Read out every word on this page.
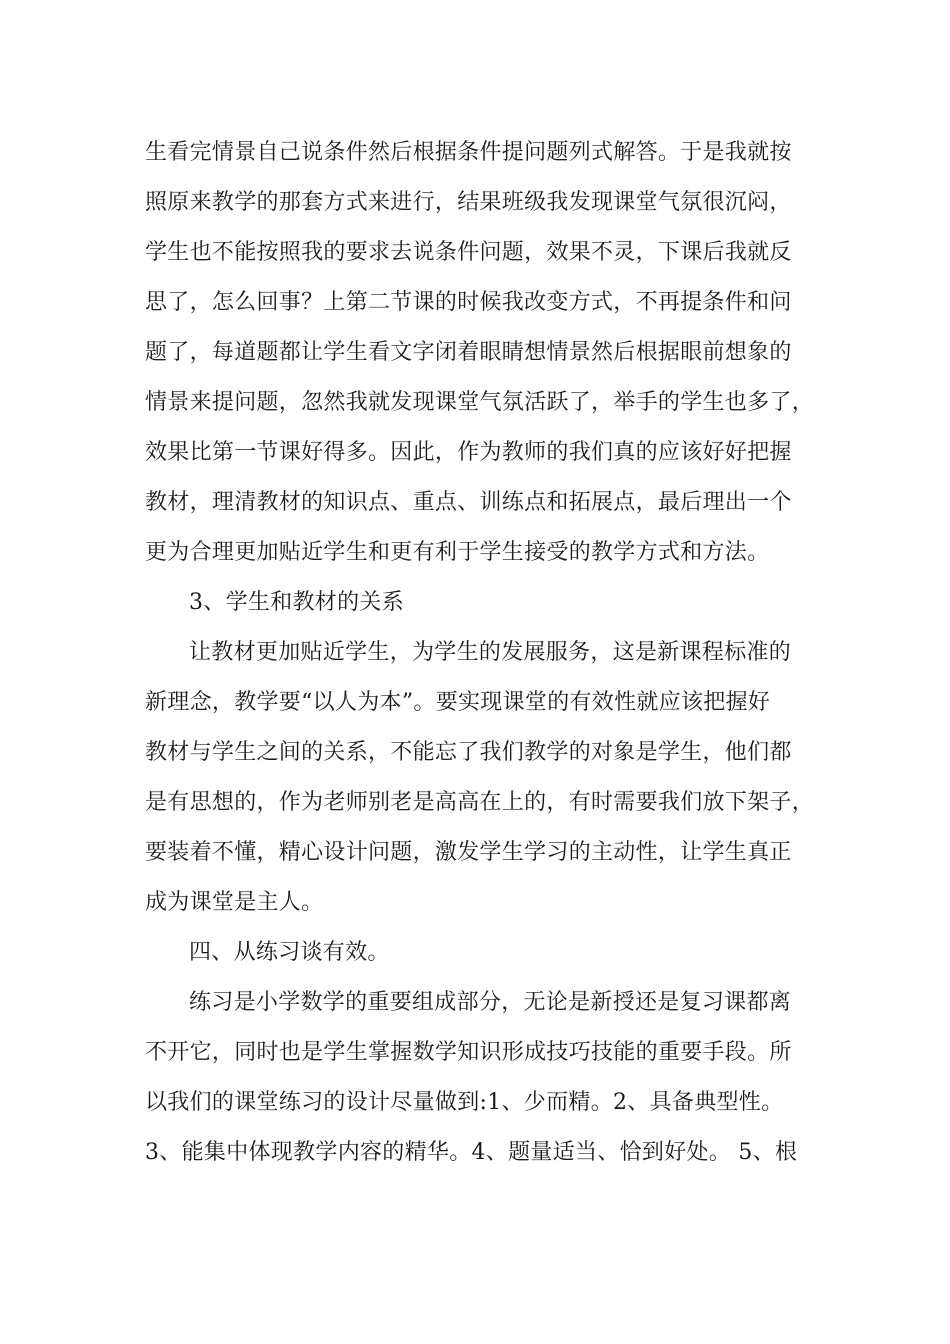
生看完情景自己说条件然后根据条件提问题列式解答。于是我就按
照原来教学的那套方式来进行，结果班级我发现课堂气氛很沉闷，
学生也不能按照我的要求去说条件问题，效果不灵，下课后我就反
思了，怎么回事？上第二节课的时候我改变方式，不再提条件和问
题了，每道题都让学生看文字闭着眼睛想情景然后根据眼前想象的
情景来提问题，忽然我就发现课堂气氛活跃了，举手的学生也多了，
效果比第一节课好得多。因此，作为教师的我们真的应该好好把握
教材，理清教材的知识点、重点、训练点和拓展点，最后理出一个
更为合理更加贴近学生和更有利于学生接受的教学方式和方法。
3、学生和教材的关系
让教材更加贴近学生，为学生的发展服务，这是新课程标准的
新理念，教学要“以人为本”。要实现课堂的有效性就应该把握好
教材与学生之间的关系，不能忘了我们教学的对象是学生，他们都
是有思想的，作为老师别老是高高在上的，有时需要我们放下架子，
要装着不懂，精心设计问题，激发学生学习的主动性，让学生真正
成为课堂是主人。
四、从练习谈有效。
练习是小学数学的重要组成部分，无论是新授还是复习课都离
不开它，同时也是学生掌握数学知识形成技巧技能的重要手段。所
以我们的课堂练习的设计尽量做到:1、少而精。2、具备典型性。
3、能集中体现教学内容的精华。4、题量适当、恰到好处。 5、根
